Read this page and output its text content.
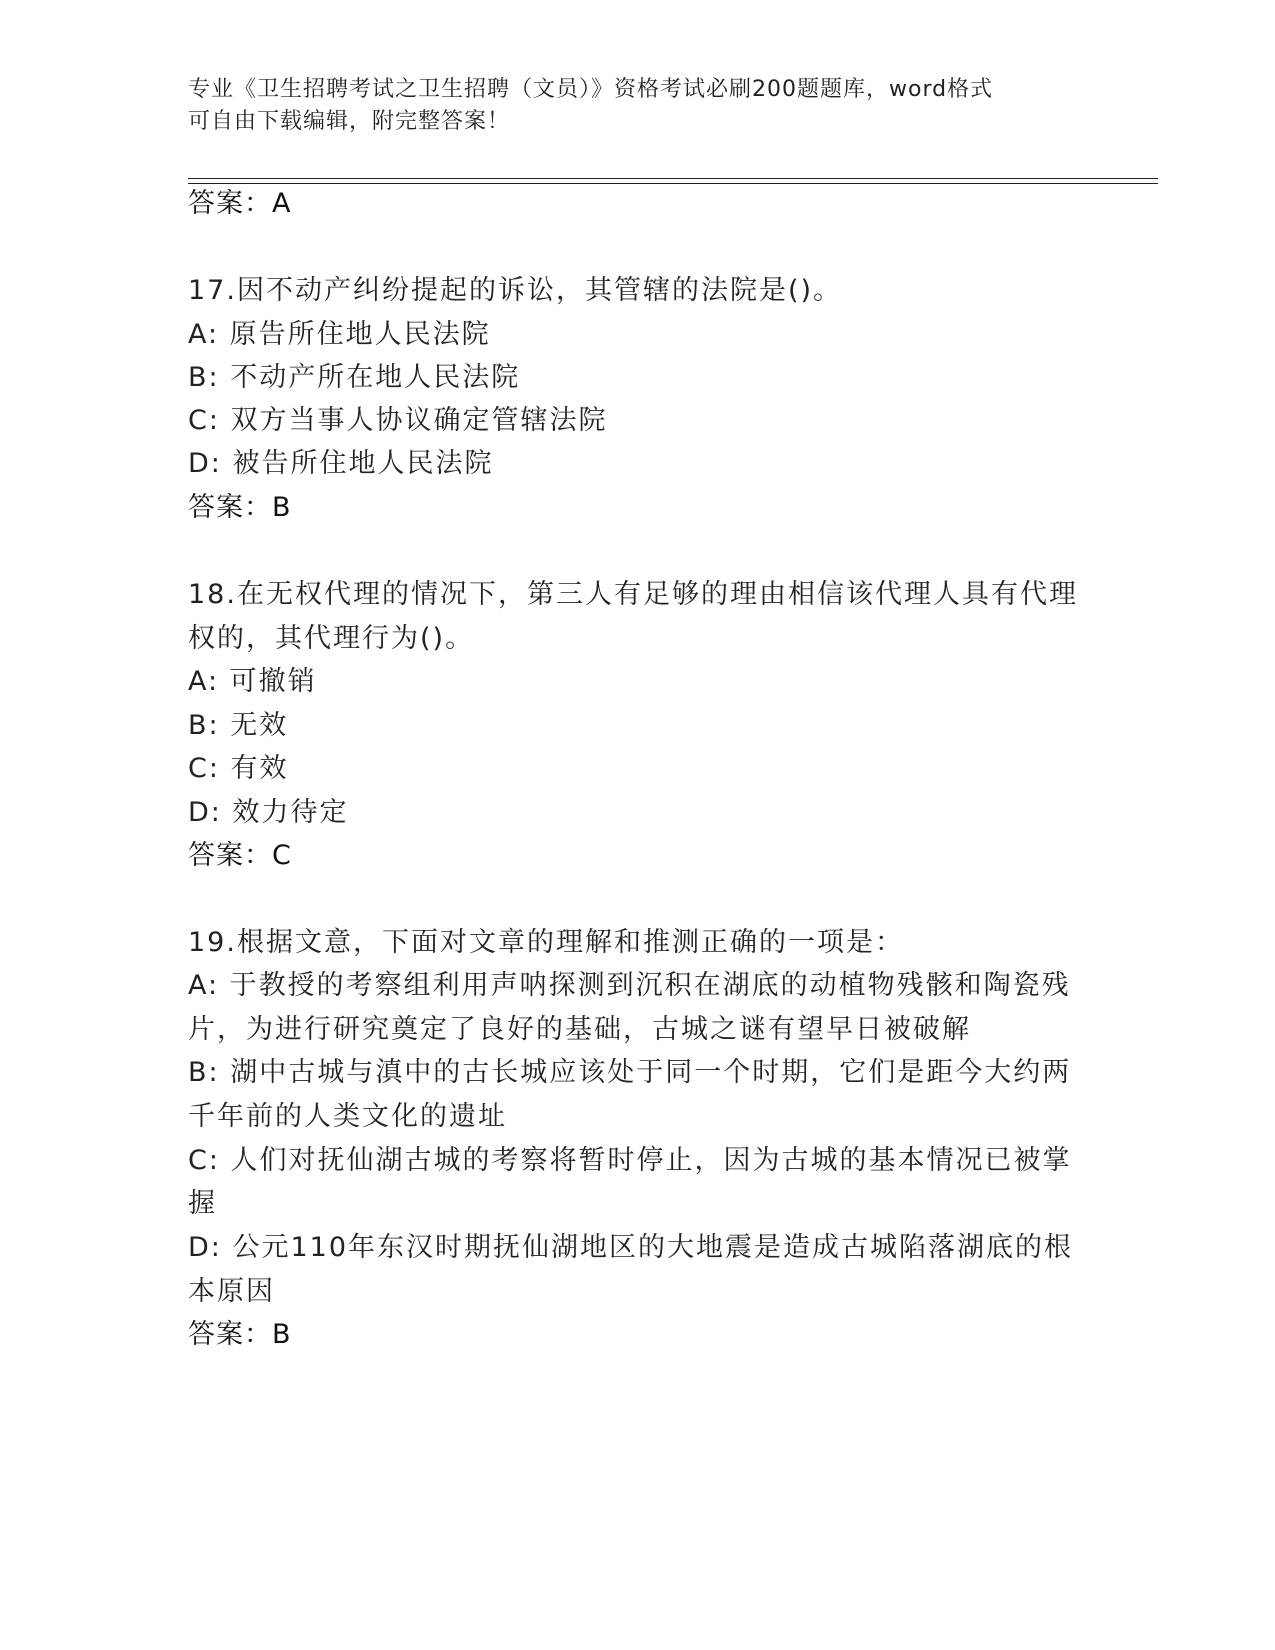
专业《卫生招聘考试之卫生招聘（文员）》资格考试必刷200题题库，word格式
可自由下载编辑，附完整答案！
答案：A
17.因不动产纠纷提起的诉讼，其管辖的法院是()。
A: 原告所住地人民法院
B: 不动产所在地人民法院
C: 双方当事人协议确定管辖法院
D: 被告所住地人民法院
答案：B
18.在无权代理的情况下，第三人有足够的理由相信该代理人具有代理
权的，其代理行为()。
A: 可撤销
B: 无效
C: 有效
D: 效力待定
答案：C
19.根据文意，下面对文章的理解和推测正确的一项是：
A: 于教授的考察组利用声呐探测到沉积在湖底的动植物残骸和陶瓷残
片，为进行研究奠定了良好的基础，古城之谜有望早日被破解
B: 湖中古城与滇中的古长城应该处于同一个时期，它们是距今大约两
千年前的人类文化的遗址
C: 人们对抚仙湖古城的考察将暂时停止，因为古城的基本情况已被掌
握
D: 公元110年东汉时期抚仙湖地区的大地震是造成古城陷落湖底的根
本原因
答案：B
